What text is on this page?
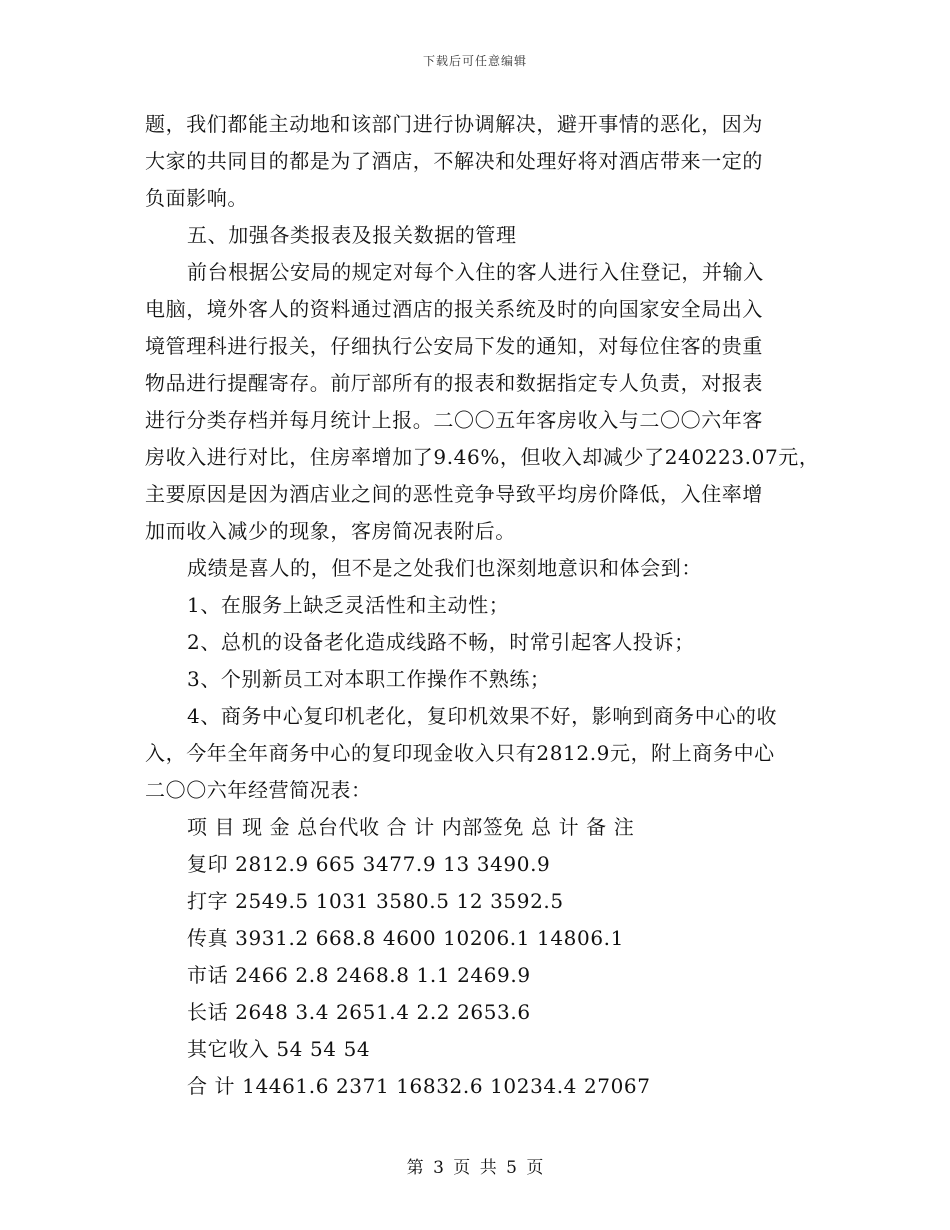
下载后可任意编辑
题，我们都能主动地和该部门进行协调解决，避开事情的恶化，因为
大家的共同目的都是为了酒店，不解决和处理好将对酒店带来一定的
负面影响。
五、加强各类报表及报关数据的管理
前台根据公安局的规定对每个入住的客人进行入住登记，并输入
电脑，境外客人的资料通过酒店的报关系统及时的向国家安全局出入
境管理科进行报关，仔细执行公安局下发的通知，对每位住客的贵重
物品进行提醒寄存。前厅部所有的报表和数据指定专人负责，对报表
进行分类存档并每月统计上报。二〇〇五年客房收入与二〇〇六年客
房收入进行对比，住房率增加了9.46%，但收入却减少了240223.07元，
主要原因是因为酒店业之间的恶性竞争导致平均房价降低，入住率增
加而收入减少的现象，客房简况表附后。
成绩是喜人的，但不是之处我们也深刻地意识和体会到：
1、在服务上缺乏灵活性和主动性；
2、总机的设备老化造成线路不畅，时常引起客人投诉；
3、个别新员工对本职工作操作不熟练；
4、商务中心复印机老化，复印机效果不好，影响到商务中心的收
入，今年全年商务中心的复印现金收入只有2812.9元，附上商务中心
二〇〇六年经营简况表：
项 目 现 金 总台代收 合 计 内部签免 总 计 备 注
复印 2812.9 665 3477.9 13 3490.9
打字 2549.5 1031 3580.5 12 3592.5
传真 3931.2 668.8 4600 10206.1 14806.1
市话 2466 2.8 2468.8 1.1 2469.9
长话 2648 3.4 2651.4 2.2 2653.6
其它收入 54 54 54
合 计 14461.6 2371 16832.6 10234.4 27067
第 3 页 共 5 页
